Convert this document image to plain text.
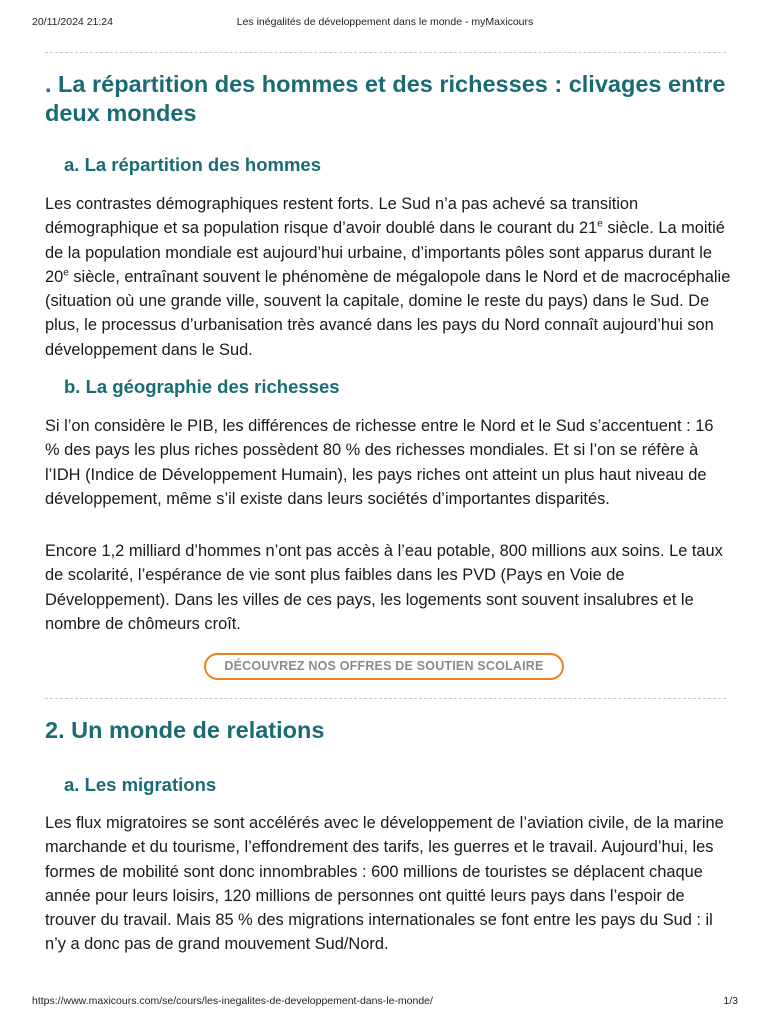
20/11/2024 21:24	Les inégalités de développement dans le monde - myMaxicours
. La répartition des hommes et des richesses : clivages entre deux mondes
a. La répartition des hommes

Les contrastes démographiques restent forts. Le Sud n’a pas achevé sa transition démographique et sa population risque d’avoir doublé dans le courant du 21e siècle. La moitié de la population mondiale est aujourd’hui urbaine, d’importants pôles sont apparus durant le 20e siècle, entraînant souvent le phénomène de mégalopole dans le Nord et de macrocéphalie (situation où une grande ville, souvent la capitale, domine le reste du pays) dans le Sud. De plus, le processus d’urbanisation très avancé dans les pays du Nord connaît aujourd’hui son développement dans le Sud.

b. La géographie des richesses

Si l’on considère le PIB, les différences de richesse entre le Nord et le Sud s’accentuent : 16 % des pays les plus riches possèdent 80 % des richesses mondiales. Et si l’on se réfère à l’IDH (Indice de Développement Humain), les pays riches ont atteint un plus haut niveau de développement, même s’il existe dans leurs sociétés d’importantes disparités.

Encore 1,2 milliard d’hommes n’ont pas accès à l’eau potable, 800 millions aux soins. Le taux de scolarité, l’espérance de vie sont plus faibles dans les PVD (Pays en Voie de Développement). Dans les villes de ces pays, les logements sont souvent insalubres et le nombre de chômeurs croît.

DÉCOUVREZ NOS OFFRES DE SOUTIEN SCOLAIRE
2. Un monde de relations
a. Les migrations

Les flux migratoires se sont accélérés avec le développement de l’aviation civile, de la marine marchande et du tourisme, l’effondrement des tarifs, les guerres et le travail. Aujourd’hui, les formes de mobilité sont donc innombrables : 600 millions de touristes se déplacent chaque année pour leurs loisirs, 120 millions de personnes ont quitté leurs pays dans l’espoir de trouver du travail. Mais 85 % des migrations internationales se font entre les pays du Sud : il n’y a donc pas de grand mouvement Sud/Nord.

https://www.maxicours.com/se/cours/les-inegalites-de-developpement-dans-le-monde/	1/3
